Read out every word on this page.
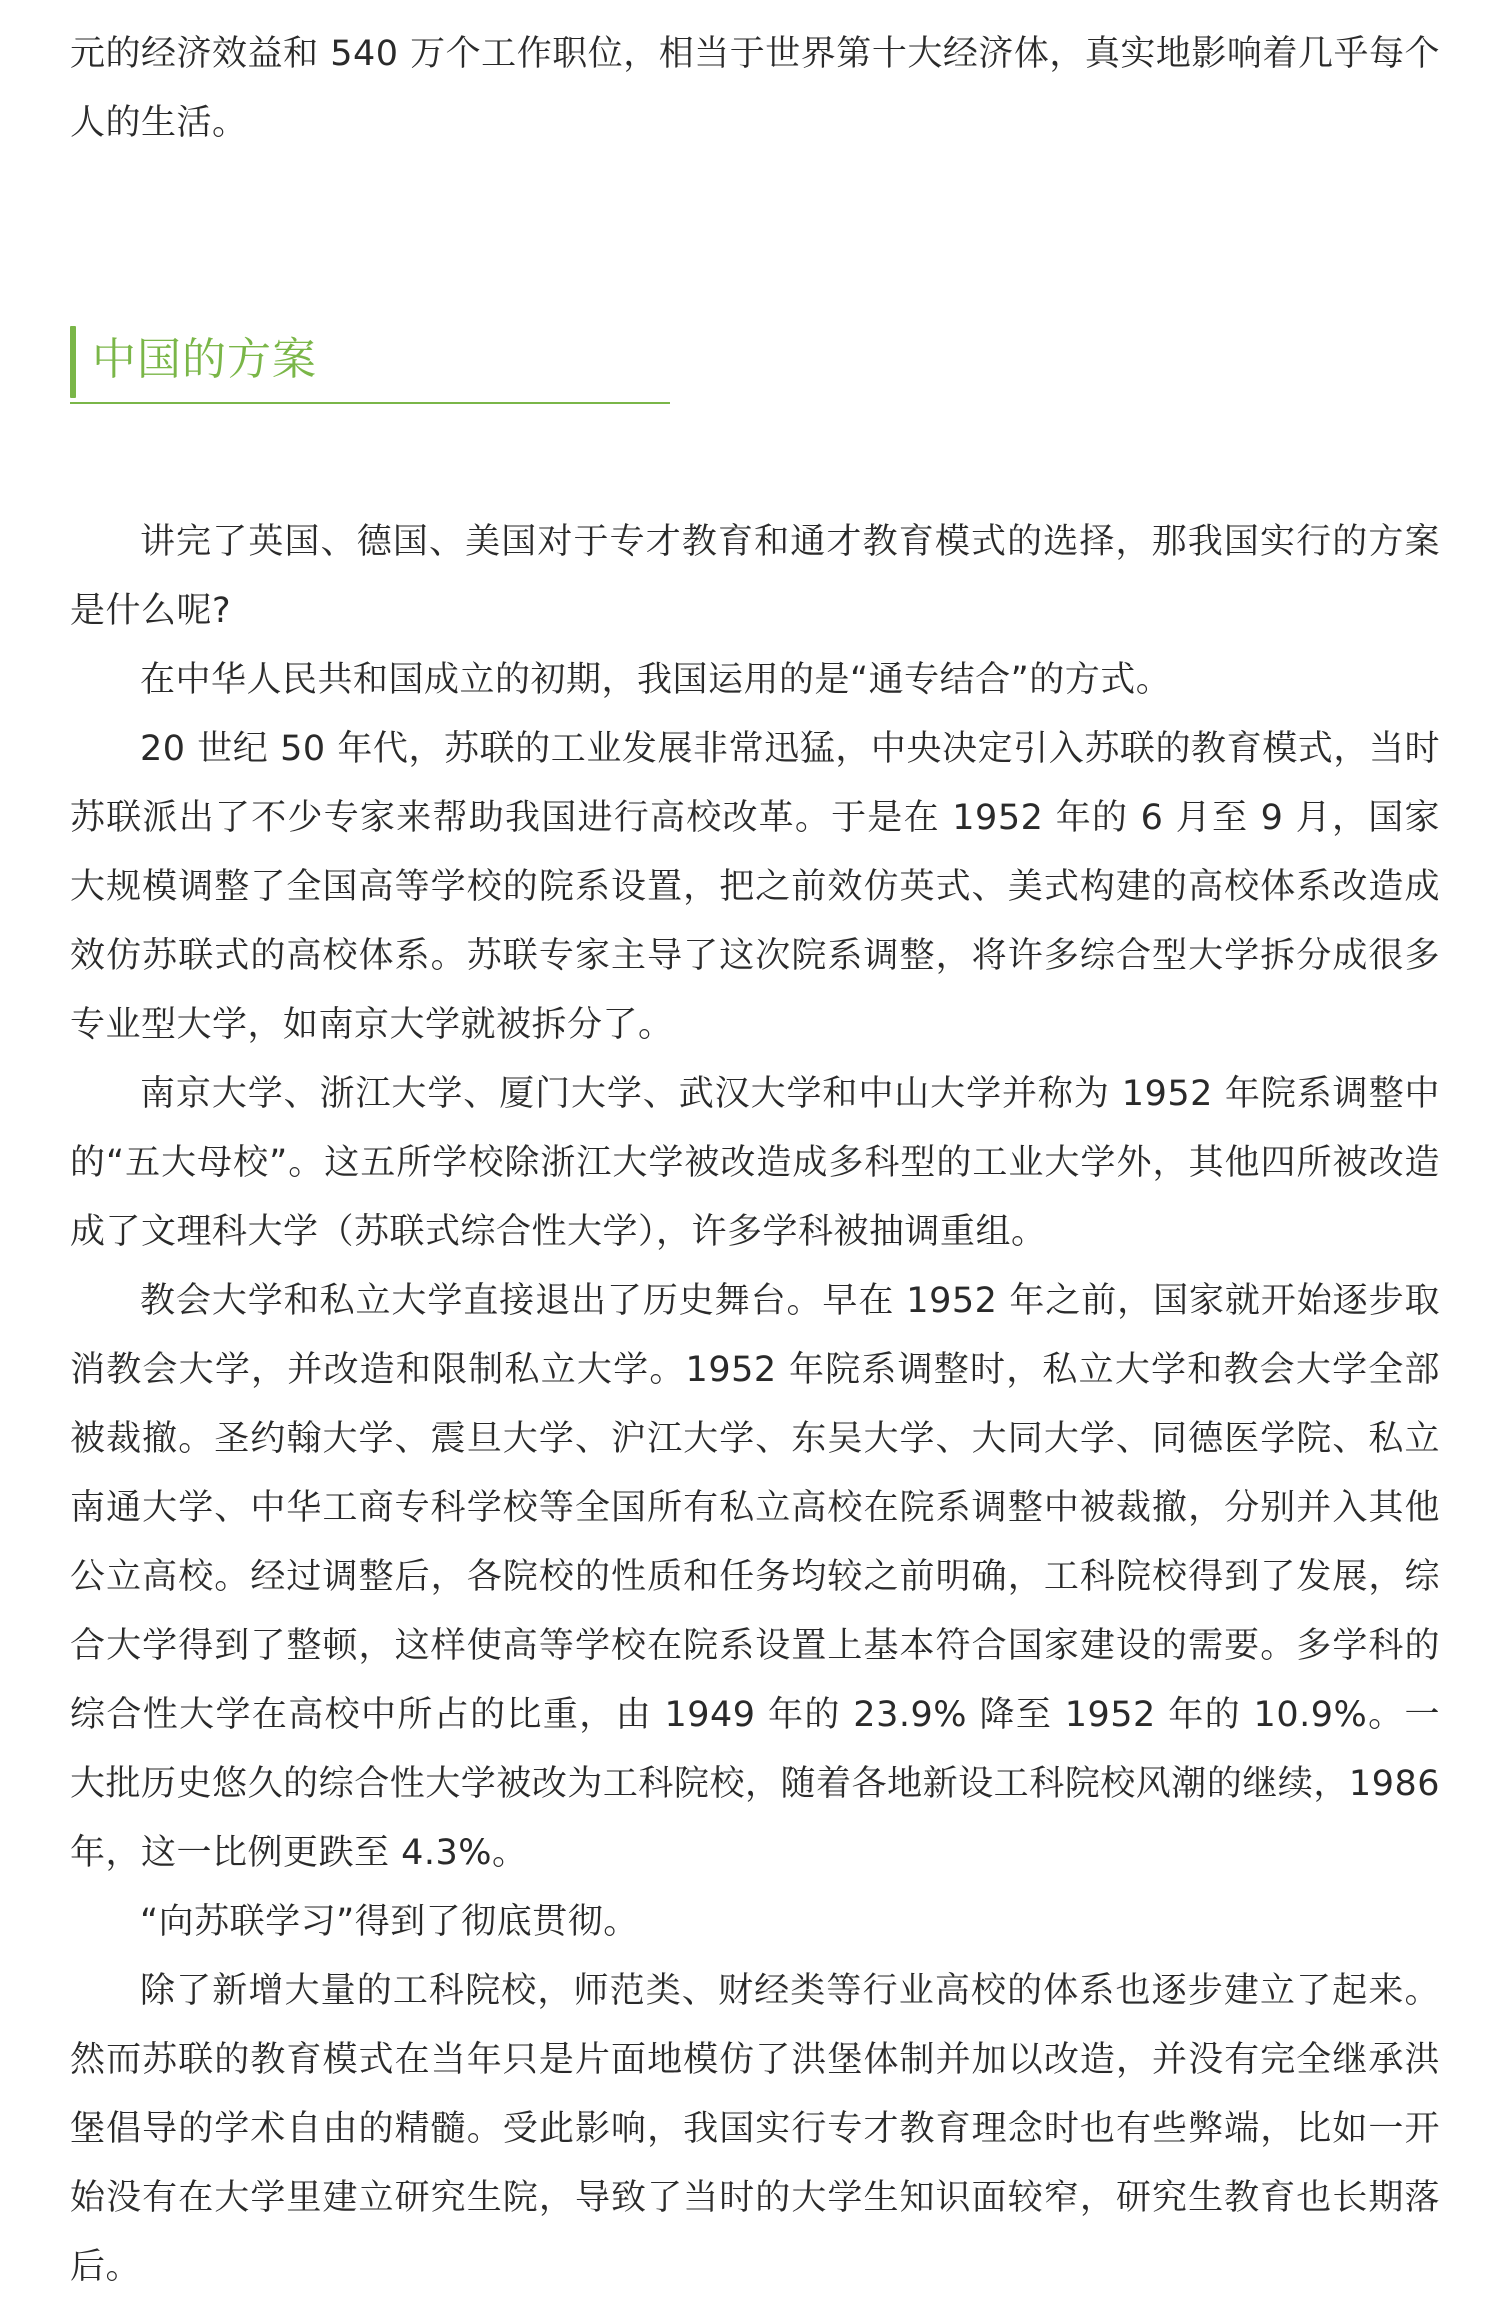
元的经济效益和 540 万个工作职位，相当于世界第十大经济体，真实地影响着几乎每个人的生活。

中国的方案

讲完了英国、德国、美国对于专才教育和通才教育模式的选择，那我国实行的方案是什么呢?

在中华人民共和国成立的初期，我国运用的是“通专结合”的方式。

20 世纪 50 年代，苏联的工业发展非常迅猛，中央决定引入苏联的教育模式，当时苏联派出了不少专家来帮助我国进行高校改革。于是在 1952 年的 6 月至 9 月，国家大规模调整了全国高等学校的院系设置，把之前效仿英式、美式构建的高校体系改造成效仿苏联式的高校体系。苏联专家主导了这次院系调整，将许多综合型大学拆分成很多专业型大学，如南京大学就被拆分了。

南京大学、浙江大学、厦门大学、武汉大学和中山大学并称为 1952 年院系调整中的“五大母校”。这五所学校除浙江大学被改造成多科型的工业大学外，其他四所被改造成了文理科大学（苏联式综合性大学），许多学科被抽调重组。

教会大学和私立大学直接退出了历史舞台。早在 1952 年之前，国家就开始逐步取消教会大学，并改造和限制私立大学。1952 年院系调整时，私立大学和教会大学全部被裁撤。圣约翰大学、震旦大学、沪江大学、东吴大学、大同大学、同德医学院、私立南通大学、中华工商专科学校等全国所有私立高校在院系调整中被裁撤，分别并入其他公立高校。经过调整后，各院校的性质和任务均较之前明确，工科院校得到了发展，综合大学得到了整顿，这样使高等学校在院系设置上基本符合国家建设的需要。多学科的综合性大学在高校中所占的比重，由 1949 年的 23.9% 降至 1952 年的 10.9%。一大批历史悠久的综合性大学被改为工科院校，随着各地新设工科院校风潮的继续，1986 年，这一比例更跌至 4.3%。

“向苏联学习”得到了彻底贯彻。

除了新增大量的工科院校，师范类、财经类等行业高校的体系也逐步建立了起来。然而苏联的教育模式在当年只是片面地模仿了洪堡体制并加以改造，并没有完全继承洪堡倡导的学术自由的精髓。受此影响，我国实行专才教育理念时也有些弊端，比如一开始没有在大学里建立研究生院，导致了当时的大学生知识面较窄，研究生教育也长期落后。
